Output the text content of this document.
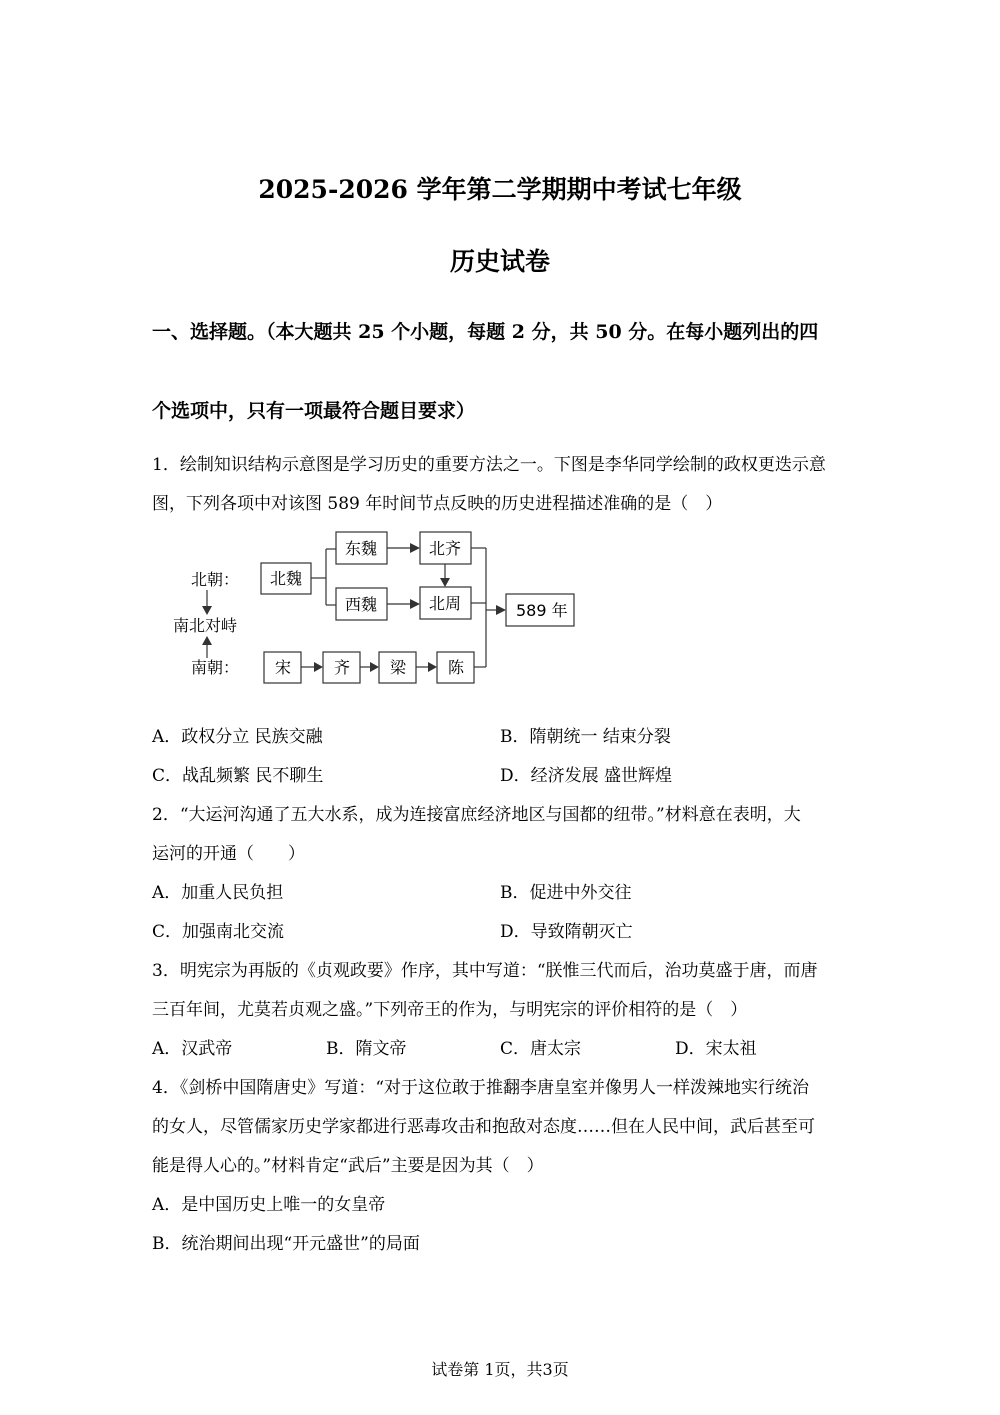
2025-2026 学年第二学期期中考试七年级
历史试卷
一、选择题。（本大题共 25 个小题，每题 2 分，共 50 分。在每小题列出的四
个选项中，只有一项最符合题目要求）
1．绘制知识结构示意图是学习历史的重要方法之一。下图是李华同学绘制的政权更迭示意
图，下列各项中对该图 589 年时间节点反映的历史进程描述准确的是（　）
北朝：
南北对峙
南朝：
北魏
东魏
西魏
北齐
北周
宋	齐 梁	陈
589 年
A．政权分立 民族交融	B．隋朝统一 结束分裂
C．战乱频繁 民不聊生	D．经济发展 盛世辉煌
2．“大运河沟通了五大水系，成为连接富庶经济地区与国都的纽带。”材料意在表明，大
运河的开通（　　）
A．加重人民负担	B．促进中外交往
C．加强南北交流	D．导致隋朝灭亡
3．明宪宗为再版的《贞观政要》作序，其中写道：“朕惟三代而后，治功莫盛于唐，而唐
三百年间，尤莫若贞观之盛。”下列帝王的作为，与明宪宗的评价相符的是（　）
A．汉武帝	B．隋文帝	C．唐太宗	D．宋太祖
4．《剑桥中国隋唐史》写道：“对于这位敢于推翻李唐皇室并像男人一样泼辣地实行统治
的女人，尽管儒家历史学家都进行恶毒攻击和抱敌对态度……但在人民中间，武后甚至可
能是得人心的。”材料肯定“武后”主要是因为其（　）
A．是中国历史上唯一的女皇帝
B．统治期间出现“开元盛世”的局面
试卷第 1页，共3页
